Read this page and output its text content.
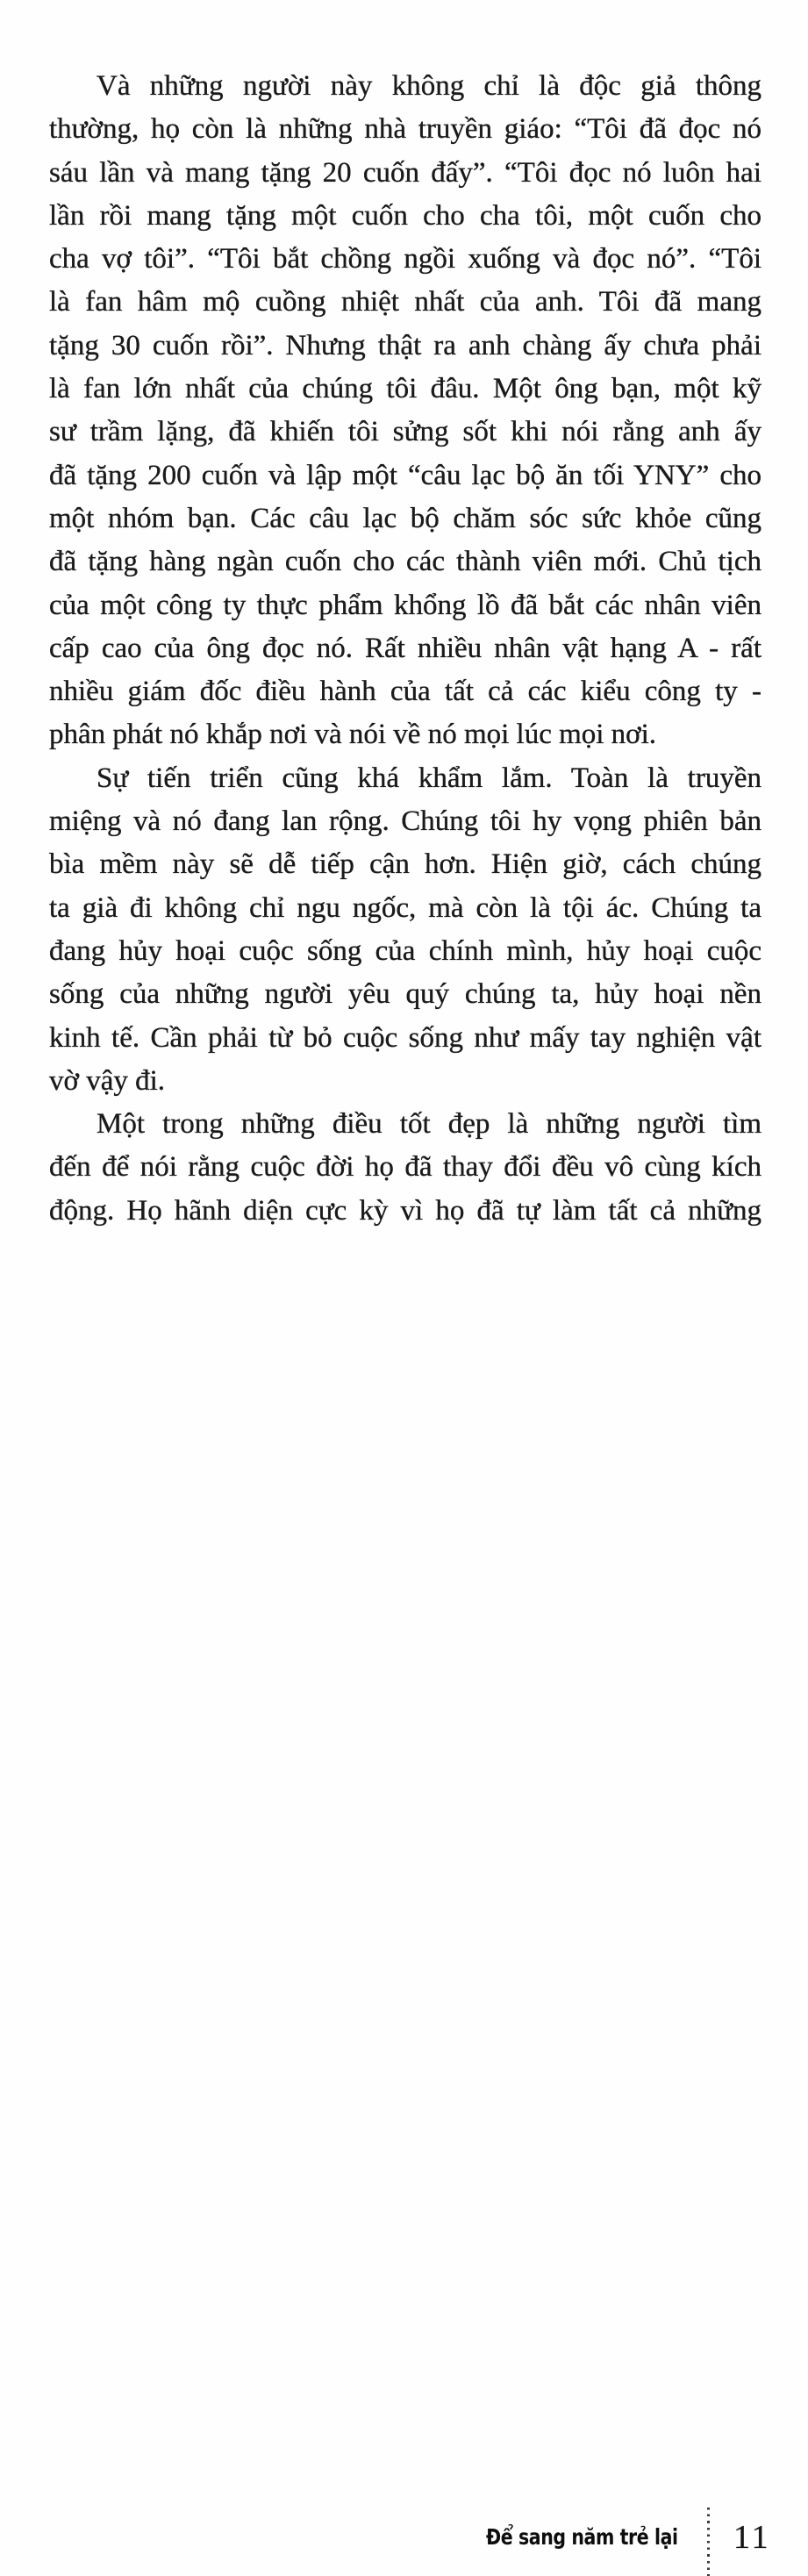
Và những người này không chỉ là độc giả thông
thường, họ còn là những nhà truyền giáo: “Tôi đã đọc nó
sáu lần và mang tặng 20 cuốn đấy”. “Tôi đọc nó luôn hai
lần rồi mang tặng một cuốn cho cha tôi, một cuốn cho
cha vợ tôi”. “Tôi bắt chồng ngồi xuống và đọc nó”. “Tôi
là fan hâm mộ cuồng nhiệt nhất của anh. Tôi đã mang
tặng 30 cuốn rồi”. Nhưng thật ra anh chàng ấy chưa phải
là fan lớn nhất của chúng tôi đâu. Một ông bạn, một kỹ
sư trầm lặng, đã khiến tôi sửng sốt khi nói rằng anh ấy
đã tặng 200 cuốn và lập một “câu lạc bộ ăn tối YNY” cho
một nhóm bạn. Các câu lạc bộ chăm sóc sức khỏe cũng
đã tặng hàng ngàn cuốn cho các thành viên mới. Chủ tịch
của một công ty thực phẩm khổng lồ đã bắt các nhân viên
cấp cao của ông đọc nó. Rất nhiều nhân vật hạng A - rất
nhiều giám đốc điều hành của tất cả các kiểu công ty -
phân phát nó khắp nơi và nói về nó mọi lúc mọi nơi.
Sự tiến triển cũng khá khẩm lắm. Toàn là truyền
miệng và nó đang lan rộng. Chúng tôi hy vọng phiên bản
bìa mềm này sẽ dễ tiếp cận hơn. Hiện giờ, cách chúng
ta già đi không chỉ ngu ngốc, mà còn là tội ác. Chúng ta
đang hủy hoại cuộc sống của chính mình, hủy hoại cuộc
sống của những người yêu quý chúng ta, hủy hoại nền
kinh tế. Cần phải từ bỏ cuộc sống như mấy tay nghiện vật
vờ vậy đi.
Một trong những điều tốt đẹp là những người tìm
đến để nói rằng cuộc đời họ đã thay đổi đều vô cùng kích
động. Họ hãnh diện cực kỳ vì họ đã tự làm tất cả những
Để sang năm trẻ lại 11
